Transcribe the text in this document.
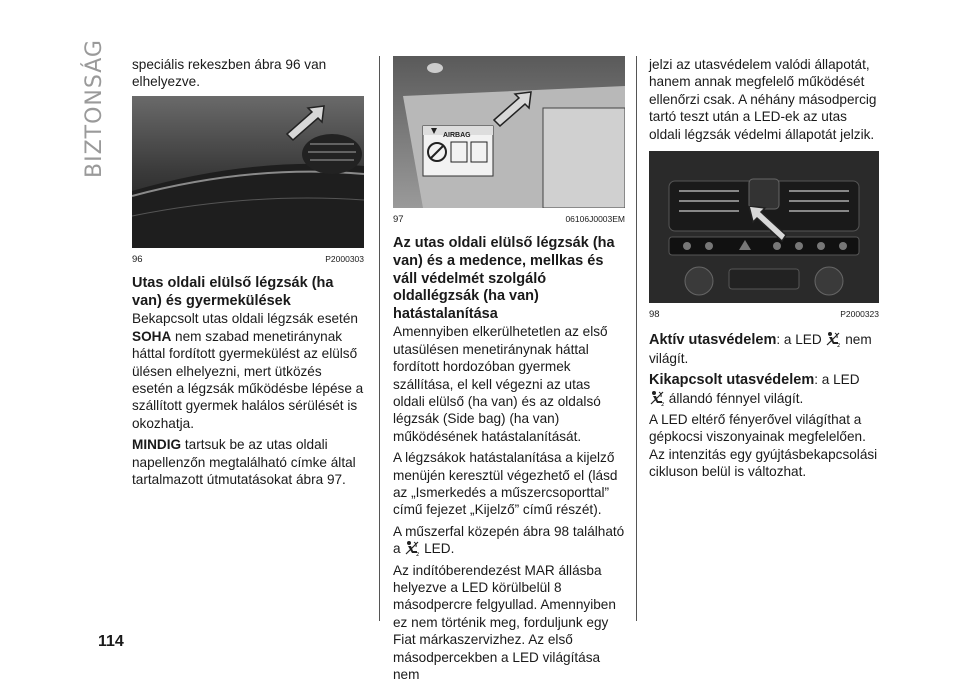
BIZTONSÁG
114

speciális rekeszben ábra 96 van elhelyezve.

96	P2000303
Utas oldali elülső légzsák (ha van) és gyermekülések

Bekapcsolt utas oldali légzsák esetén SOHA nem szabad menetiránynak háttal fordított gyermekülést az elülső ülésen elhelyezni, mert ütközés esetén a légzsák működésbe lépése a szállított gyermek halálos sérülését is okozhatja.

MINDIG tartsuk be az utas oldali napellenzőn megtalálható címke által tartalmazott útmutatásokat ábra 97.

AIRBAG
97	06106J0003EM
Az utas oldali elülső légzsák (ha van) és a medence, mellkas és váll védelmét szolgáló oldallégzsák (ha van) hatástalanítása

Amennyiben elkerülhetetlen az első utasülésen menetiránynak háttal fordított hordozóban gyermek szállítása, el kell végezni az utas oldali elülső (ha van) és az oldalsó légzsák (Side bag) (ha van) működésének hatástalanítását.

A légzsákok hatástalanítása a kijelző menüjén keresztül végezhető el (lásd az „Ismerkedés a műszercsoporttal” című fejezet „Kijelző” című részét).

A műszerfal közepén ábra 98 található a	2 LED.

Az indítóberendezést MAR állásba helyezve a LED körülbelül 8 másodpercre felgyullad. Amennyiben ez nem történik meg, forduljunk egy Fiat márkaszervizhez. Az első másodpercekben a LED világítása nem

jelzi az utasvédelem valódi állapotát, hanem annak megfelelő működését ellenőrzi csak. A néhány másodpercig tartó teszt után a LED-ek az utas oldali légzsák védelmi állapotát jelzik.

98	P2000323

Aktív utasvédelem: a LED	2 nem világít.

Kikapcsolt utasvédelem: a LED
2 állandó fénnyel világít.

A LED eltérő fényerővel világíthat a gépkocsi viszonyainak megfelelően. Az intenzitás egy gyújtásbekapcsolási cikluson belül is változhat.
